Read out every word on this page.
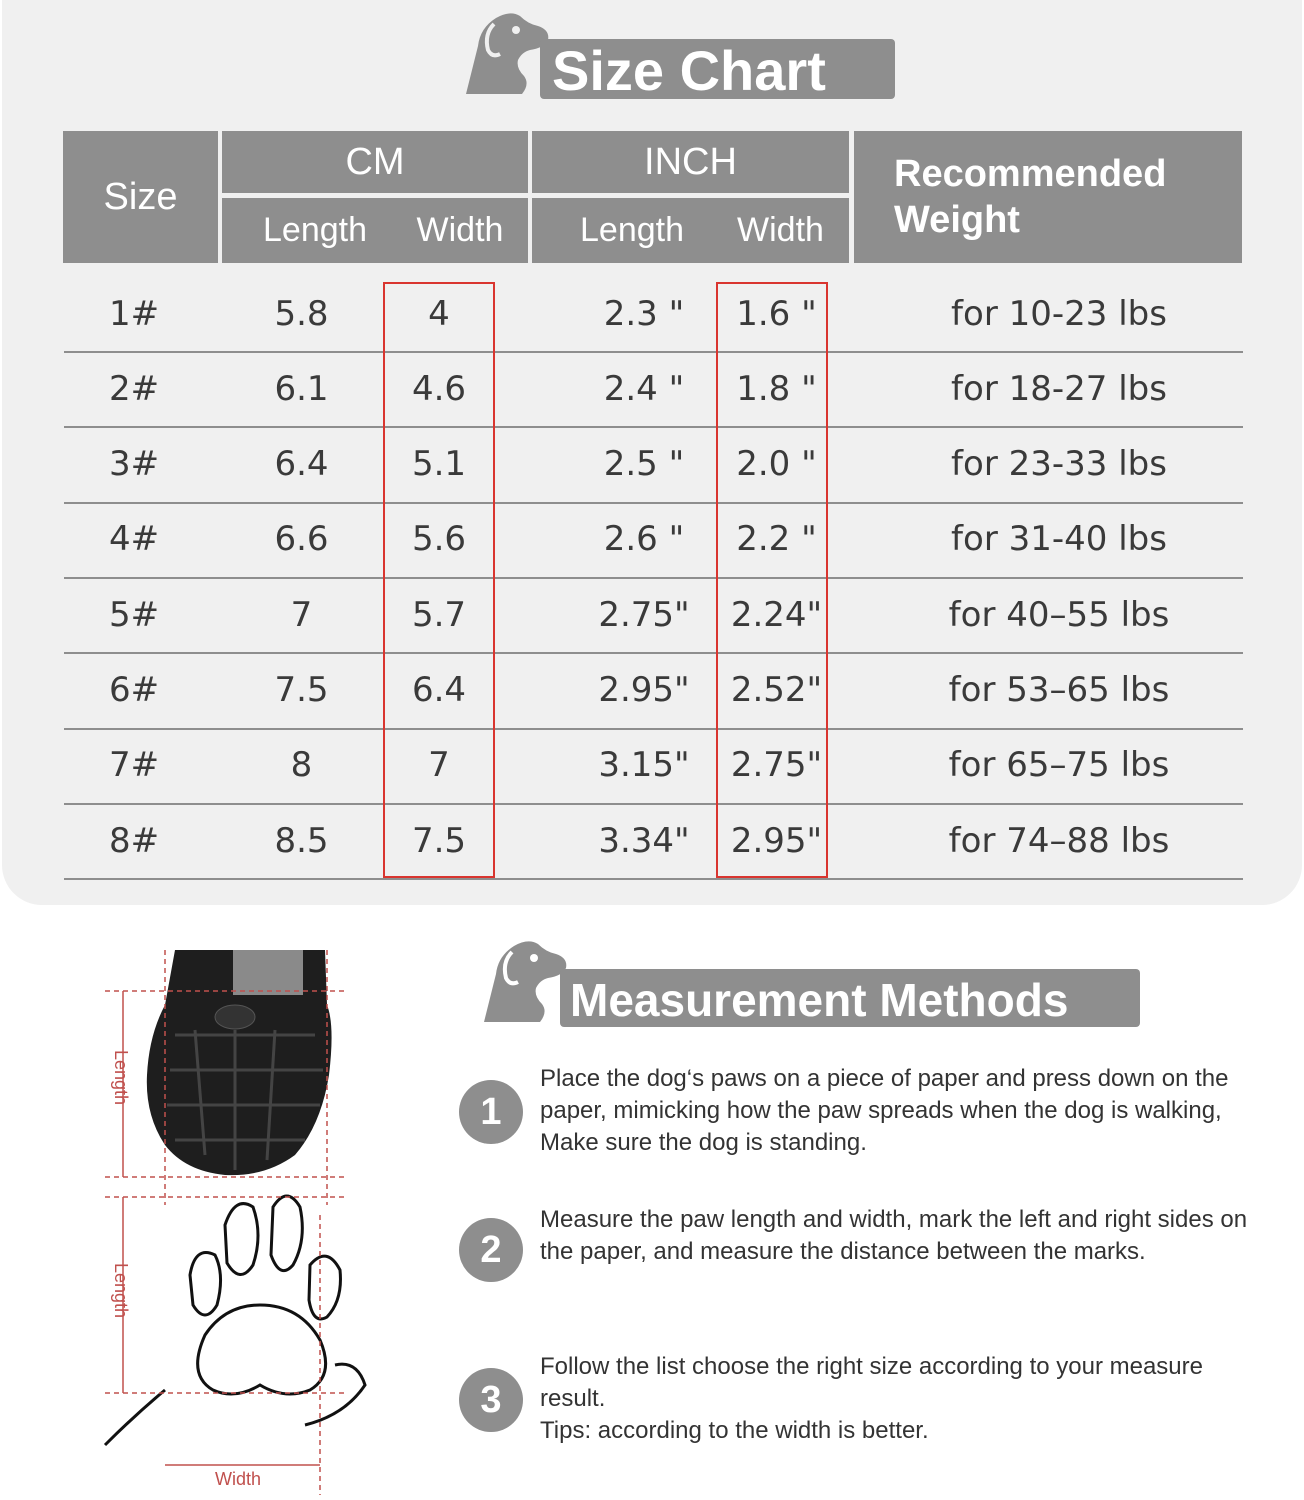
Size Chart
Size
CM
Length	Width
INCH
Length	Width
Recommended
Weight
1#	5.8	4	2.3 "	1.6 "	for 10-23 lbs
2#	6.1	4.6	2.4 "	1.8 "	for 18-27 lbs
3#	6.4	5.1	2.5 "	2.0 "	for 23-33 lbs
4#	6.6	5.6	2.6 "	2.2 "	for 31-40 lbs
5#	7	5.7	2.75"	2.24"	for 40–55 lbs
6#	7.5	6.4	2.95"	2.52"	for 53–65 lbs
7#	8	7	3.15"	2.75"	for 65–75 lbs
8#	8.5	7.5	3.34"	2.95"	for 74–88 lbs
Measurement Methods
1
Place the dog‘s paws on a piece of paper and press down on the paper, mimicking how the paw spreads when the dog is walking, Make sure the dog is standing.
2
Measure the paw length and width, mark the left and right sides on the paper, and measure the distance between the marks.
3
Follow the list choose the right size according to your measure result.
Tips: according to the width is better.
Length
Length
Width
